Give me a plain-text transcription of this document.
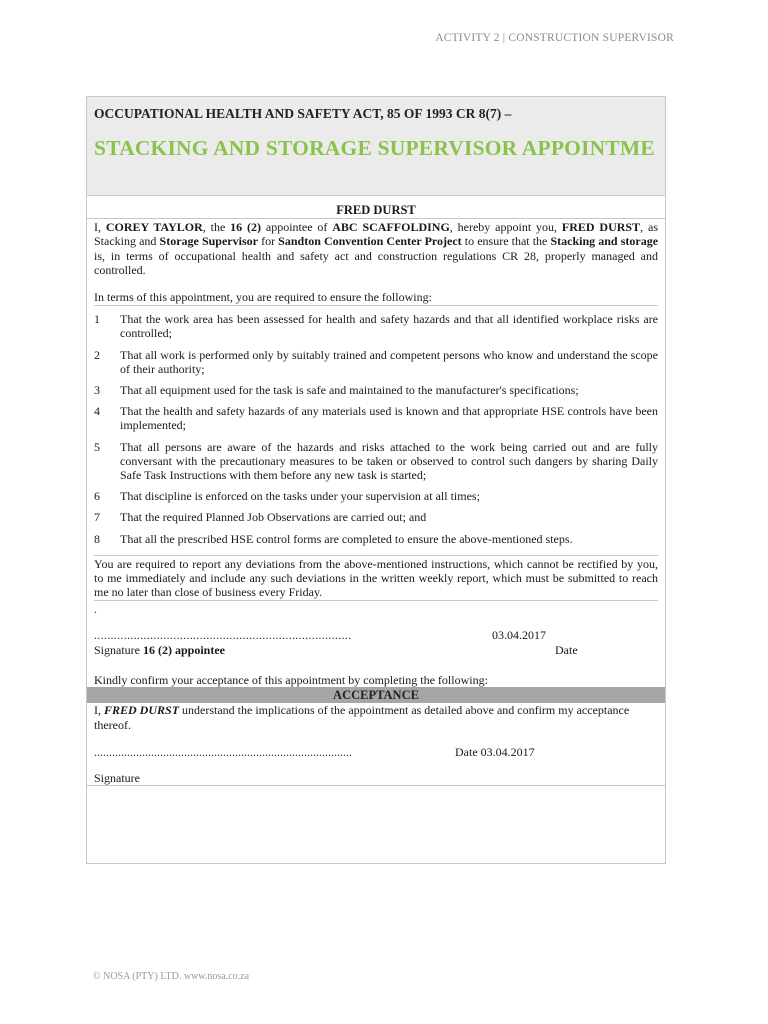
ACTIVITY 2 | CONSTRUCTION SUPERVISOR
OCCUPATIONAL HEALTH AND SAFETY ACT, 85 OF 1993 CR 8(7) –
STACKING AND STORAGE SUPERVISOR APPOINTME
FRED DURST

I, COREY TAYLOR, the 16 (2) appointee of ABC SCAFFOLDING, hereby appoint you, FRED DURST, as Stacking and Storage Supervisor for Sandton Convention Center Project to ensure that the Stacking and storage is, in terms of occupational health and safety act and construction regulations CR 28, properly managed and controlled.

In terms of this appointment, you are required to ensure the following:

1	That the work area has been assessed for health and safety hazards and that all identified workplace risks are controlled;
2	That all work is performed only by suitably trained and competent persons who know and understand the scope of their authority;
3	That all equipment used for the task is safe and maintained to the manufacturer's specifications;
4	That the health and safety hazards of any materials used is known and that appropriate HSE controls have been implemented;
5	That all persons are aware of the hazards and risks attached to the work being carried out and are fully conversant with the precautionary measures to be taken or observed to control such dangers by sharing Daily Safe Task Instructions with them before any new task is started;
6	That discipline is enforced on the tasks under your supervision at all times;
7	That the required Planned Job Observations are carried out; and
8	That all the prescribed HSE control forms are completed to ensure the above-mentioned steps.
You are required to report any deviations from the above-mentioned instructions, which cannot be rectified by you, to me immediately and include any such deviations in the written weekly report, which must be submitted to reach me no later than close of business every Friday.
.
..............................................................................	03.04.2017
Signature 16 (2) appointee	Date
Kindly confirm your acceptance of this appointment by completing the following:
ACCEPTANCE
I, FRED DURST understand the implications of the appointment as detailed above and confirm my acceptance thereof.
......................................................................................	Date 03.04.2017
Signature
© NOSA (PTY) LTD. www.nosa.co.za
